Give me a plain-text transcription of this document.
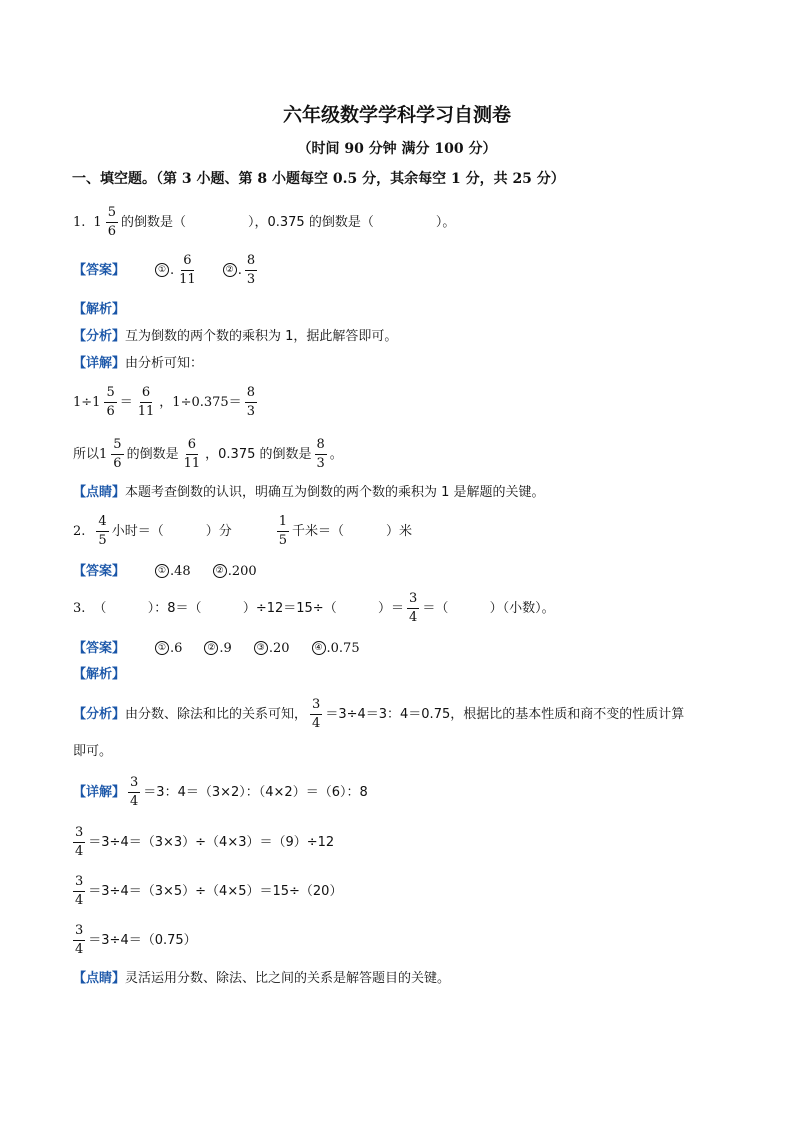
六年级数学学科学习自测卷
（时间 90 分钟 满分 100 分）
一、填空题。（第 3 小题、第 8 小题每空 0.5 分，其余每空 1 分，共 25 分）
1. $1 \frac{5}{6}$ 的倒数是（	），0.375 的倒数是（	）。
【答案】	① . $\frac{6}{11}$	② . $\frac{8}{3}$
【解析】
【分析】 互为倒数的两个数的乘积为 1，据此解答即可。
【详解】 由分析可知：
$1\div 1 \frac{5}{6} = \frac{6}{11}$ ，$1\div 0.375= \frac{8}{3}$
所以 $1 \frac{5}{6}$ 的倒数是 $\frac{6}{11}$ ，0.375 的倒数是 $\frac{8}{3}$ 。
【点睛】 本题考查倒数的认识，明确互为倒数的两个数的乘积为 1 是解题的关键。
2. $\frac{4}{5}$ 小时＝（	）分	$\frac{1}{5}$ 千米＝（	）米
【答案】	① .48	② .200
3. （          ）：8＝（          ）÷12＝15÷（          ）＝ $\frac{3}{4}$ ＝（          ）（小数）。
【答案】	① .6	② .9	③ .20	④ .0.75
【解析】
【分析】 由分数、除法和比的关系可知， $\frac{3}{4} =3\div 4=3$：4＝0.75，根据比的基本性质和商不变的性质计算
即可。
【详解】 $\frac{3}{4} =3$：4＝（3×2）：（4×2）＝（6）：8
$\frac{3}{4} =3\div 4=(3\times 3)\div(4\times 3)=(9)\div 12$
$\frac{3}{4} =3\div 4=(3\times 5)\div(4\times 5)=15\div(20)$
$\frac{3}{4} =3\div 4=(0.75)$
【点睛】 灵活运用分数、除法、比之间的关系是解答题目的关键。
